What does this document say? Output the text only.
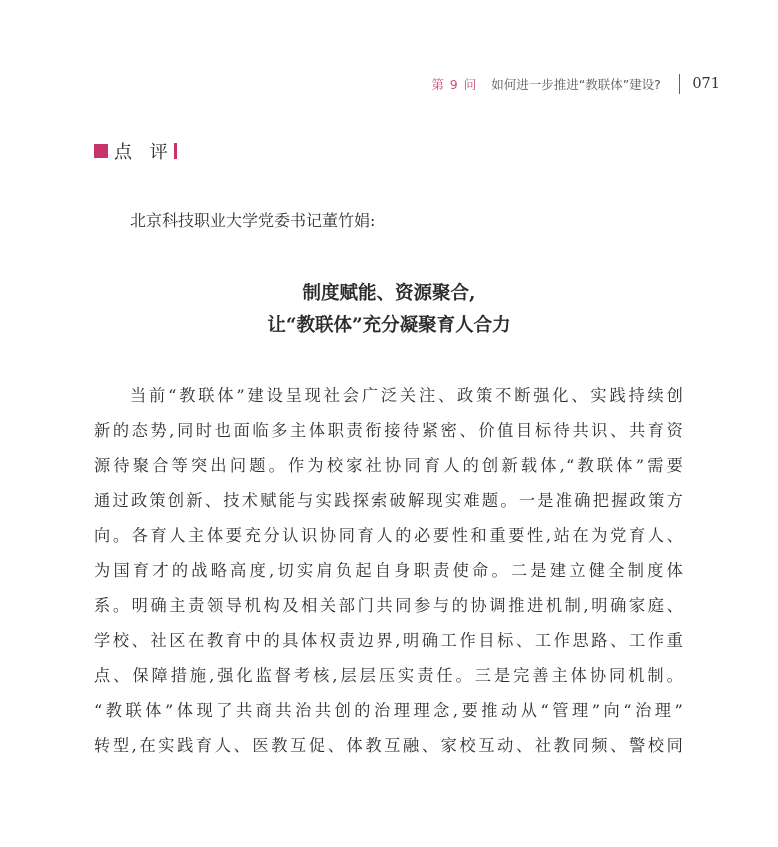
第 9 问 如何进一步推进“教联体”建设? 071
点 评
北京科技职业大学党委书记董竹娟:
制度赋能、资源聚合,
让“教联体”充分凝聚育人合力
当前“教联体”建设呈现社会广泛关注、政策不断强化、实践持续创
新的态势,同时也面临多主体职责衔接待紧密、价值目标待共识、共育资
源待聚合等突出问题。作为校家社协同育人的创新载体,“教联体”需要
通过政策创新、技术赋能与实践探索破解现实难题。一是准确把握政策方
向。各育人主体要充分认识协同育人的必要性和重要性,站在为党育人、
为国育才的战略高度,切实肩负起自身职责使命。二是建立健全制度体
系。明确主责领导机构及相关部门共同参与的协调推进机制,明确家庭、
学校、社区在教育中的具体权责边界,明确工作目标、工作思路、工作重
点、保障措施,强化监督考核,层层压实责任。三是完善主体协同机制。
“教联体”体现了共商共治共创的治理理念,要推动从“管理”向“治理”
转型,在实践育人、医教互促、体教互融、家校互动、社教同频、警校同
